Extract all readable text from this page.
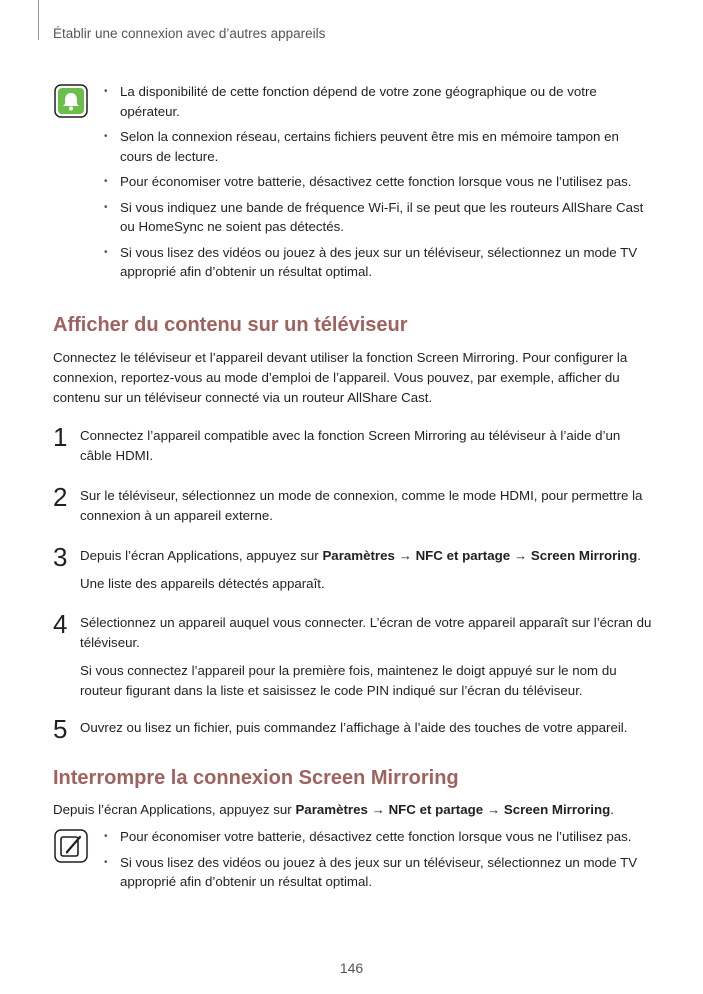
Établir une connexion avec d’autres appareils
• La disponibilité de cette fonction dépend de votre zone géographique ou de votre opérateur.
• Selon la connexion réseau, certains fichiers peuvent être mis en mémoire tampon en cours de lecture.
• Pour économiser votre batterie, désactivez cette fonction lorsque vous ne l’utilisez pas.
• Si vous indiquez une bande de fréquence Wi-Fi, il se peut que les routeurs AllShare Cast ou HomeSync ne soient pas détectés.
• Si vous lisez des vidéos ou jouez à des jeux sur un téléviseur, sélectionnez un mode TV approprié afin d’obtenir un résultat optimal.
Afficher du contenu sur un téléviseur

Connectez le téléviseur et l’appareil devant utiliser la fonction Screen Mirroring. Pour configurer la connexion, reportez-vous au mode d’emploi de l’appareil. Vous pouvez, par exemple, afficher du contenu sur un téléviseur connecté via un routeur AllShare Cast.

1 Connectez l’appareil compatible avec la fonction Screen Mirroring au téléviseur à l’aide d’un câble HDMI.
2 Sur le téléviseur, sélectionnez un mode de connexion, comme le mode HDMI, pour permettre la connexion à un appareil externe.
3 Depuis l’écran Applications, appuyez sur Paramètres → NFC et partage → Screen Mirroring.
Une liste des appareils détectés apparaît.
4 Sélectionnez un appareil auquel vous connecter. L’écran de votre appareil apparaît sur l’écran du téléviseur.
Si vous connectez l’appareil pour la première fois, maintenez le doigt appuyé sur le nom du routeur figurant dans la liste et saisissez le code PIN indiqué sur l’écran du téléviseur.
5 Ouvrez ou lisez un fichier, puis commandez l’affichage à l’aide des touches de votre appareil.
Interrompre la connexion Screen Mirroring

Depuis l’écran Applications, appuyez sur Paramètres → NFC et partage → Screen Mirroring.

• Pour économiser votre batterie, désactivez cette fonction lorsque vous ne l’utilisez pas.
• Si vous lisez des vidéos ou jouez à des jeux sur un téléviseur, sélectionnez un mode TV approprié afin d’obtenir un résultat optimal.
146
